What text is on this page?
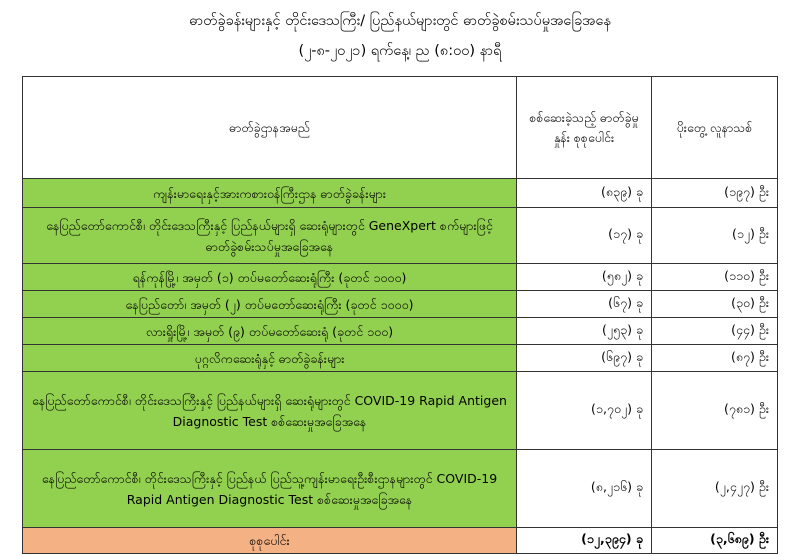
ဓာတ်ခွဲခန်းများနှင့် တိုင်းဒေသကြီး/ ပြည်နယ်များတွင် ဓာတ်ခွဲစမ်းသပ်မှုအခြေအနေ
(၂-၈-၂၀၂၁) ရက်နေ့၊ ည (၈:၀၀) နာရီ
ဓာတ်ခွဲဌာနအမည်	စစ်ဆေးခဲ့သည့် ဓာတ်ခွဲမှုနှုန်း စုစုပေါင်း	ပိုးတွေ့ လူနာသစ်
ကျန်းမာရေးနှင့်အားကစားဝန်ကြီးဌာန ဓာတ်ခွဲခန်းများ	(၈၃၉) ခု	(၁၉၇) ဦး
နေပြည်တော်ကောင်စီ၊ တိုင်းဒေသကြီးနှင့် ပြည်နယ်များရှိ ဆေးရုံများတွင် GeneXpert စက်များဖြင့် ဓာတ်ခွဲစမ်းသပ်မှုအခြေအနေ	(၁၇) ခု	(၁၂) ဦး
ရန်ကုန်မြို့၊ အမှတ် (၁) တပ်မတော်ဆေးရုံကြီး (ခုတင် ၁၀၀၀)	(၅၈၂) ခု	(၁၁၀) ဦး
နေပြည်တော်၊ အမှတ် (၂) တပ်မတော်ဆေးရုံကြီး (ခုတင် ၁၀၀၀)	(၆၇) ခု	(၃၀) ဦး
လားရှိုးမြို့၊ အမှတ် (၉) တပ်မတော်ဆေးရုံ (ခုတင် ၁၀၀)	(၂၅၃) ခု	(၄၄) ဦး
ပုဂ္ဂလိကဆေးရုံနှင့် ဓာတ်ခွဲခန်းများ	(၆၉၇) ခု	(၈၇) ဦး
နေပြည်တော်ကောင်စီ၊ တိုင်းဒေသကြီးနှင့် ပြည်နယ်များရှိ ဆေးရုံများတွင် COVID-19 Rapid Antigen Diagnostic Test စစ်ဆေးမှုအခြေအနေ	(၁,၇၀၂) ခု	(၇၈၁) ဦး
နေပြည်တော်ကောင်စီ၊ တိုင်းဒေသကြီးနှင့် ပြည်နယ် ပြည်သူ့ကျန်းမာရေးဦးစီးဌာနများတွင် COVID-19 Rapid Antigen Diagnostic Test စစ်ဆေးမှုအခြေအနေ	(၈,၂၁၆) ခု	(၂,၄၂၇) ဦး
စုစုပေါင်း	(၁၂,၃၉၄) ခု	(၃,၆၈၉) ဦး
